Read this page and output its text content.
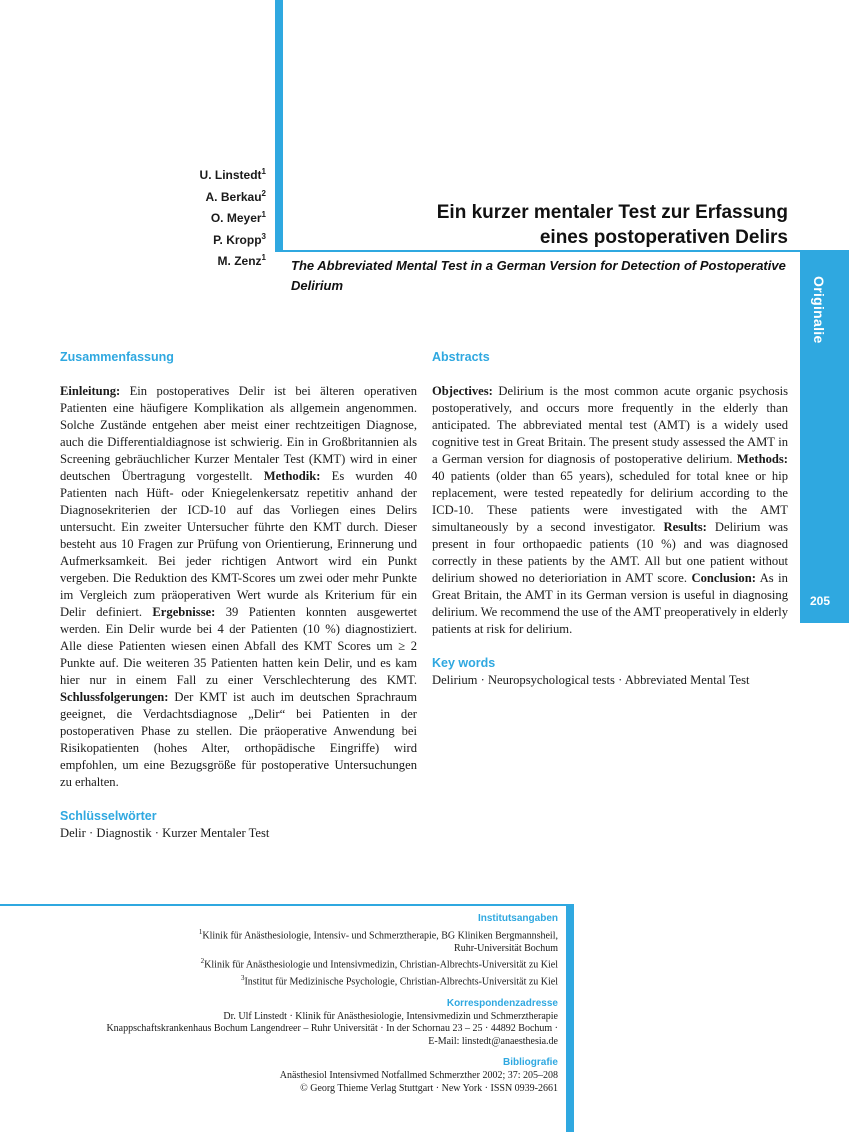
Originalie
205
U. Linstedt$^1$
A. Berkau$^2$
O. Meyer$^1$
P. Kropp$^3$
M. Zenz$^1$
Ein kurzer mentaler Test zur Erfassung
eines postoperativen Delirs
The Abbreviated Mental Test in a German Version for Detection of Postoperative Delirium
Zusammenfassung

Einleitung: Ein postoperatives Delir ist bei älteren operativen Patienten eine häufigere Komplikation als allgemein angenommen. Solche Zustände entgehen aber meist einer rechtzeitigen Diagnose, auch die Differentialdiagnose ist schwierig. Ein in Großbritannien als Screening gebräuchlicher Kurzer Mentaler Test (KMT) wird in einer deutschen Übertragung vorgestellt. Methodik: Es wurden 40 Patienten nach Hüft- oder Kniegelenkersatz repetitiv anhand der Diagnosekriterien der ICD-10 auf das Vorliegen eines Delirs untersucht. Ein zweiter Untersucher führte den KMT durch. Dieser besteht aus 10 Fragen zur Prüfung von Orientierung, Erinnerung und Aufmerksamkeit. Bei jeder richtigen Antwort wird ein Punkt vergeben. Die Reduktion des KMT-Scores um zwei oder mehr Punkte im Vergleich zum präoperativen Wert wurde als Kriterium für ein Delir definiert. Ergebnisse: 39 Patienten konnten ausgewertet werden. Ein Delir wurde bei 4 der Patienten (10 %) diagnostiziert. Alle diese Patienten wiesen einen Abfall des KMT Scores um ≥ 2 Punkte auf. Die weiteren 35 Patienten hatten kein Delir, und es kam hier nur in einem Fall zu einer Verschlechterung des KMT. Schlussfolgerungen: Der KMT ist auch im deutschen Sprachraum geeignet, die Verdachtsdiagnose „Delir“ bei Patienten in der postoperativen Phase zu stellen. Die präoperative Anwendung bei Risikopatienten (hohes Alter, orthopädische Eingriffe) wird empfohlen, um eine Bezugsgröße für postoperative Untersuchungen zu erhalten.

Schlüsselwörter

Delir · Diagnostik · Kurzer Mentaler Test

Abstracts

Objectives: Delirium is the most common acute organic psychosis postoperatively, and occurs more frequently in the elderly than anticipated. The abbreviated mental test (AMT) is a widely used cognitive test in Great Britain. The present study assessed the AMT in a German version for diagnosis of postoperative delirium. Methods: 40 patients (older than 65 years), scheduled for total knee or hip replacement, were tested repeatedly for delirium according to the ICD-10. These patients were investigated with the AMT simultaneously by a second investigator. Results: Delirium was present in four orthopaedic patients (10 %) and was diagnosed correctly in these patients by the AMT. All but one patient without delirium showed no deterioriation in AMT score. Conclusion: As in Great Britain, the AMT in its German version is useful in diagnosing delirium. We recommend the use of the AMT preoperatively in elderly patients at risk for delirium.

Key words

Delirium · Neuropsychological tests · Abbreviated Mental Test

Institutsangaben
$^1$Klinik für Anästhesiologie, Intensiv- und Schmerztherapie, BG Kliniken Bergmannsheil,
Ruhr-Universität Bochum
$^2$Klinik für Anästhesiologie und Intensivmedizin, Christian-Albrechts-Universität zu Kiel
$^3$Institut für Medizinische Psychologie, Christian-Albrechts-Universität zu Kiel
Korrespondenzadresse
Dr. Ulf Linstedt · Klinik für Anästhesiologie, Intensivmedizin und Schmerztherapie
Knappschaftskrankenhaus Bochum Langendreer – Ruhr Universität · In der Schornau 23 – 25 · 44892 Bochum ·
E-Mail: linstedt@anaesthesia.de
Bibliografie
Anästhesiol Intensivmed Notfallmed Schmerzther 2002; 37: 205–208
© Georg Thieme Verlag Stuttgart · New York · ISSN 0939-2661
